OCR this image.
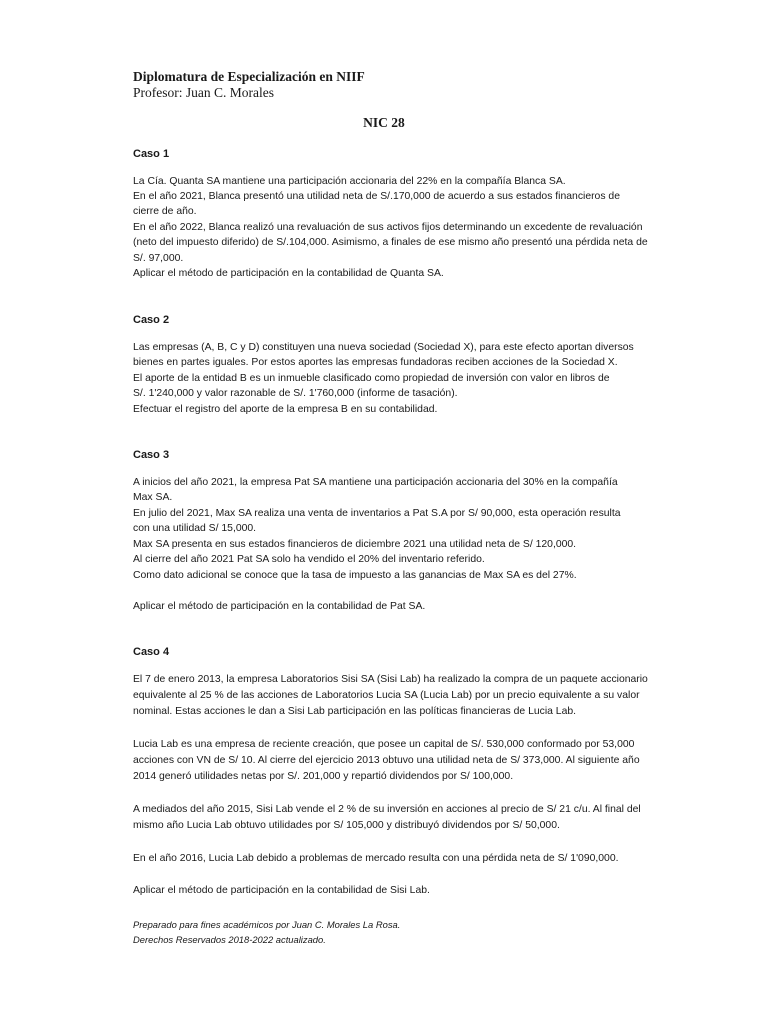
Diplomatura de Especialización en NIIF
Profesor: Juan C. Morales
NIC 28
Caso 1
La Cía. Quanta SA mantiene una participación accionaria del 22% en la compañía Blanca SA.
En el año 2021, Blanca presentó una utilidad neta de S/.170,000 de acuerdo a sus estados financieros de
cierre de año.
En el año 2022, Blanca realizó una revaluación de sus activos fijos determinando un excedente de revaluación
(neto del impuesto diferido) de S/.104,000. Asimismo, a finales de ese mismo año presentó una pérdida neta de
S/. 97,000.
Aplicar el método de participación en la contabilidad de Quanta SA.
Caso 2
Las empresas (A, B, C y D) constituyen una nueva sociedad (Sociedad X), para este efecto aportan diversos
bienes en partes iguales. Por estos aportes las empresas fundadoras reciben acciones de la Sociedad X.
El aporte de la entidad B es un inmueble clasificado como propiedad de inversión con valor en libros de
S/. 1'240,000 y valor razonable de S/. 1'760,000 (informe de tasación).
Efectuar el registro del aporte de la empresa B en su contabilidad.
Caso 3
A inicios del año 2021, la empresa Pat SA mantiene una participación accionaria del 30% en la compañía
Max SA.
En julio del 2021, Max SA realiza una venta de inventarios a Pat S.A por S/ 90,000, esta operación resulta
con una utilidad S/ 15,000.
Max SA presenta en sus estados financieros de diciembre 2021 una utilidad neta de S/ 120,000.
Al cierre del año 2021 Pat SA solo ha vendido el 20% del inventario referido.
Como dato adicional se conoce que la tasa de impuesto a las ganancias de Max SA es del 27%.
Aplicar el método de participación en la contabilidad de Pat SA.
Caso 4
El 7 de enero 2013, la empresa Laboratorios Sisi SA (Sisi Lab) ha realizado la compra de un paquete accionario
equivalente al 25 % de las acciones de Laboratorios Lucia SA (Lucia Lab) por un precio equivalente a su valor
nominal. Estas acciones le dan a Sisi Lab participación en las políticas financieras de Lucia Lab.
Lucia Lab es una empresa de reciente creación, que posee un capital de S/. 530,000 conformado por 53,000
acciones con VN de S/ 10. Al cierre del ejercicio 2013 obtuvo una utilidad neta de S/ 373,000. Al siguiente año
2014 generó utilidades netas por S/. 201,000 y repartió dividendos por S/ 100,000.
A mediados del año 2015, Sisi Lab vende el 2 % de su inversión en acciones al precio de S/ 21 c/u. Al final del
mismo año Lucia Lab obtuvo utilidades por S/ 105,000 y distribuyó dividendos por S/ 50,000.
En el año 2016, Lucia Lab debido a problemas de mercado resulta con una pérdida neta de S/ 1'090,000.
Aplicar el método de participación en la contabilidad de Sisi Lab.
Preparado para fines académicos por Juan C. Morales La Rosa.
Derechos Reservados 2018-2022 actualizado.
